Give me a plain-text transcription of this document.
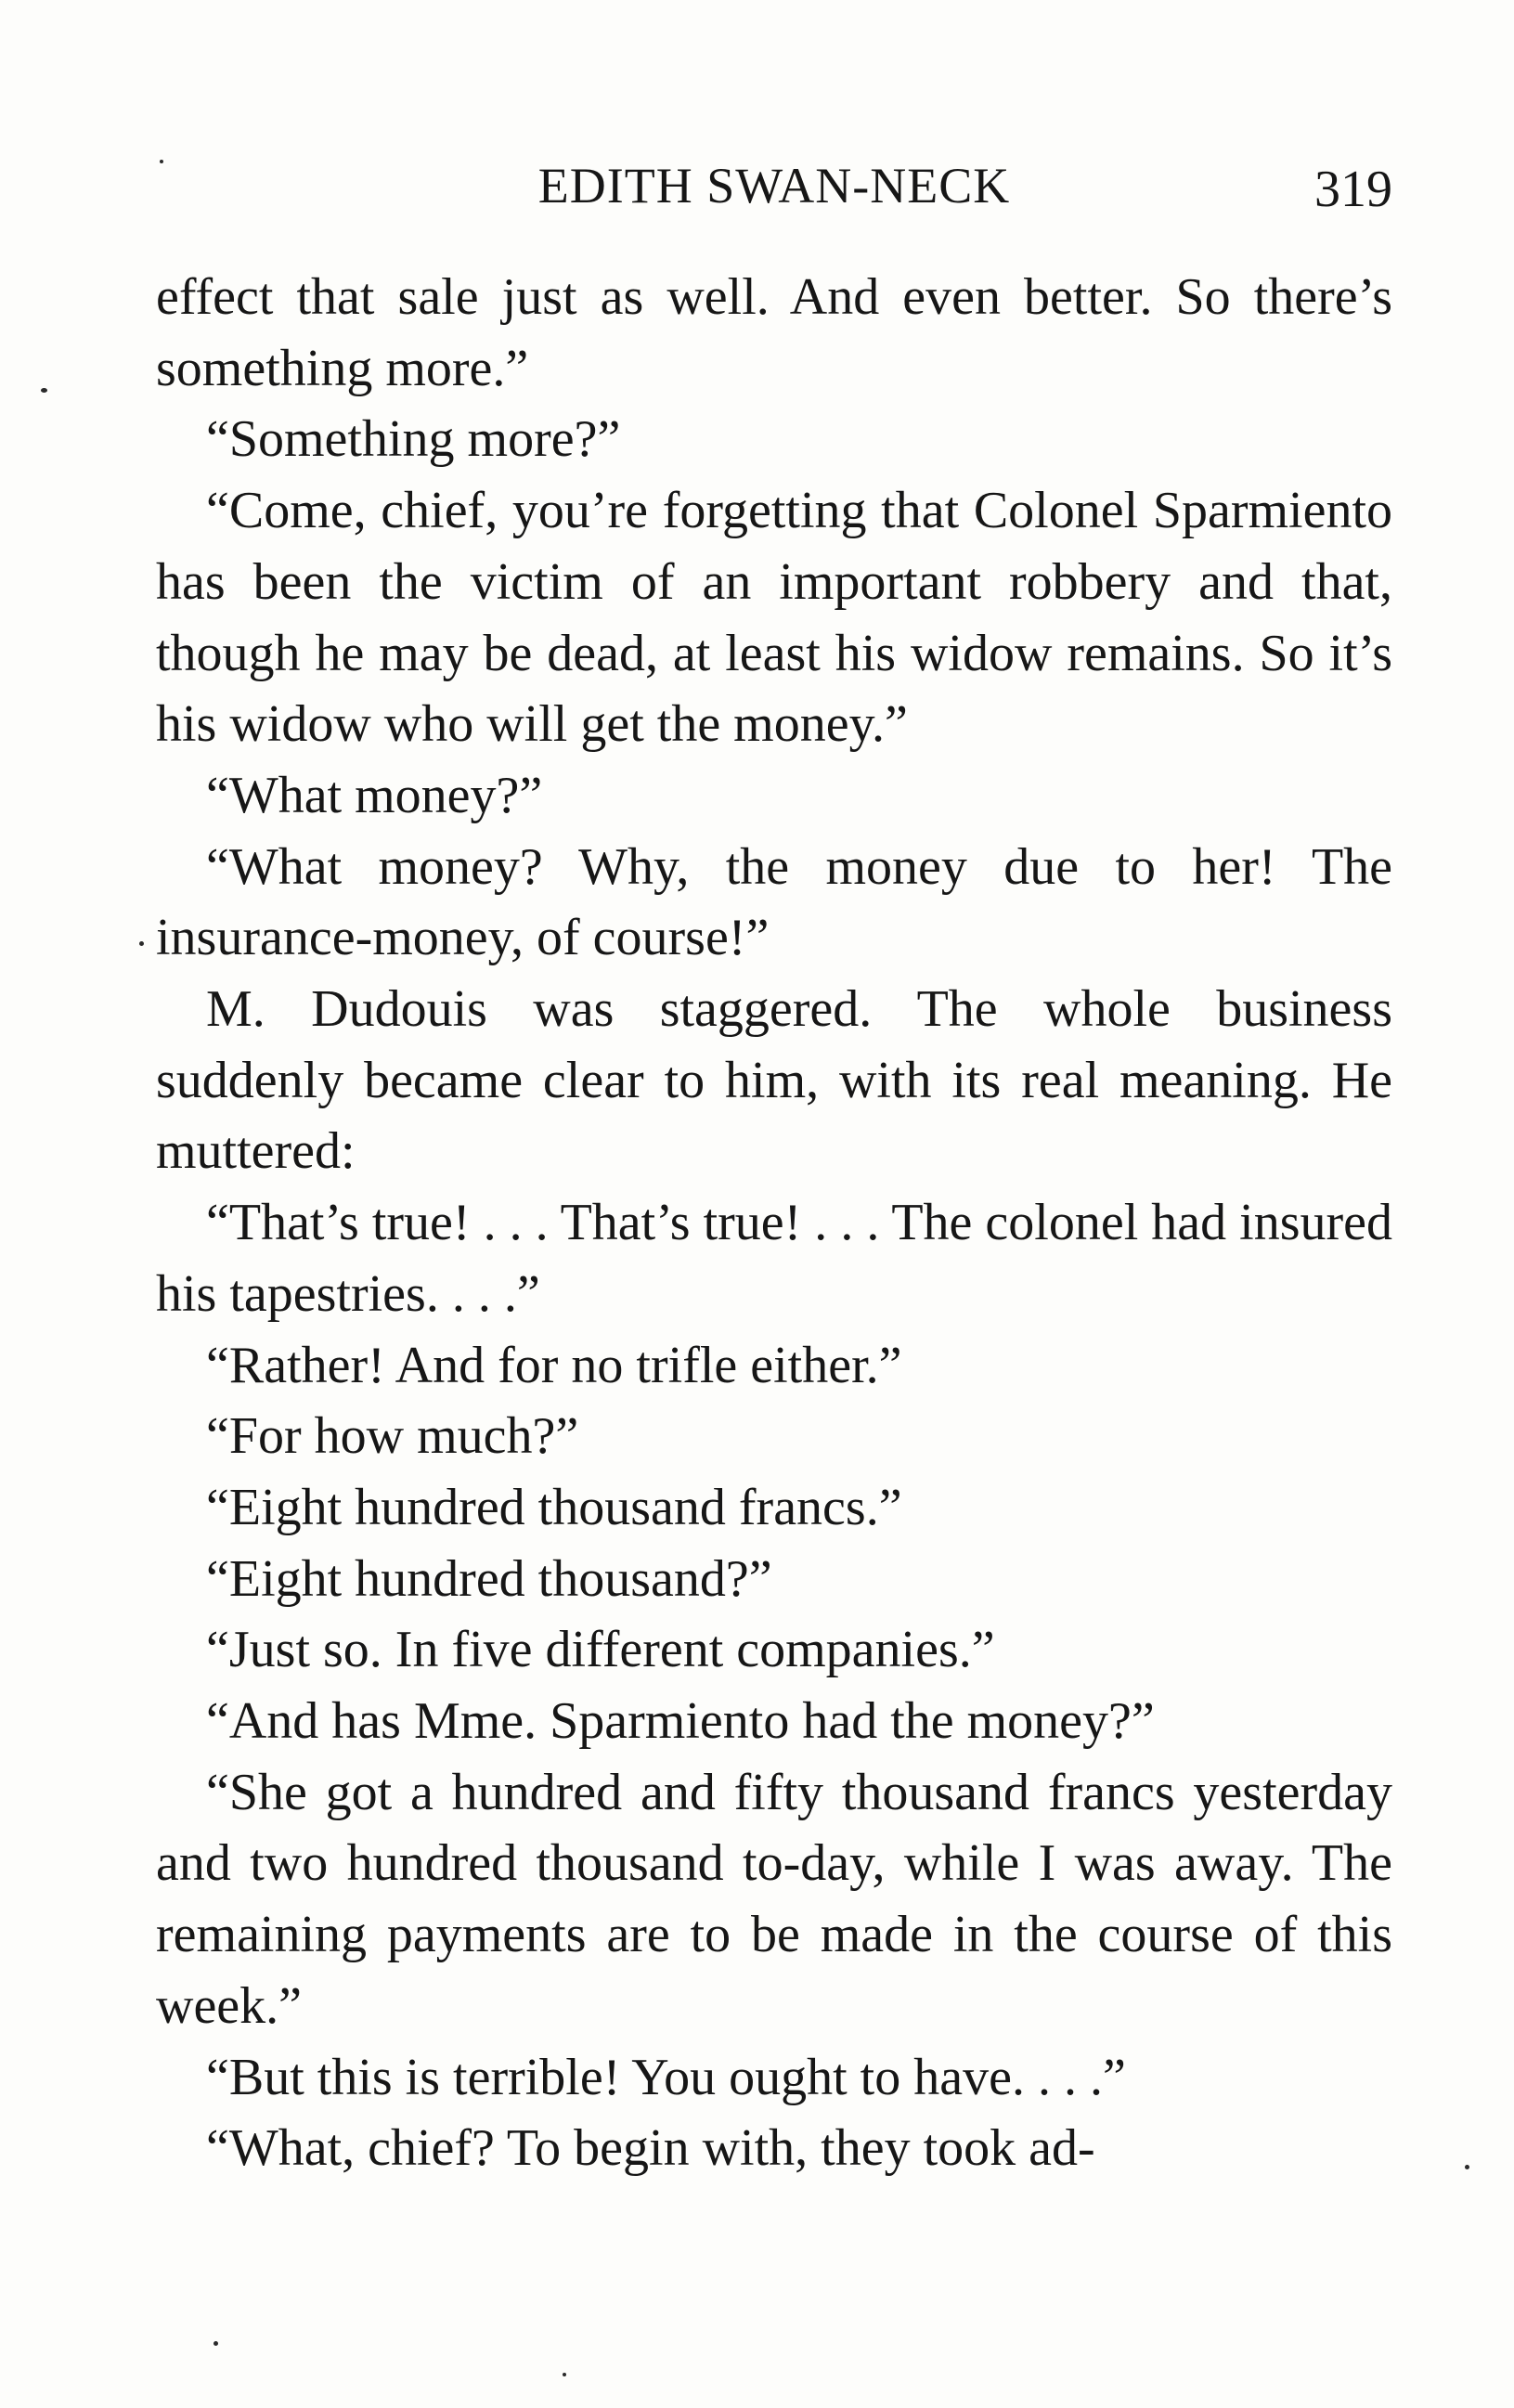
EDITH SWAN-NECK	319

effect that sale just as well. And even better. So there’s something more.”

“Something more?”

“Come, chief, you’re forgetting that Colonel Sparmiento has been the victim of an important robbery and that, though he may be dead, at least his widow remains. So it’s his widow who will get the money.”

“What money?”

“What money? Why, the money due to her! The insurance-money, of course!”

M. Dudouis was staggered. The whole business suddenly became clear to him, with its real meaning. He muttered:

“That’s true! . . . That’s true! . . . The colonel had insured his tapestries. . . .”

“Rather! And for no trifle either.”

“For how much?”

“Eight hundred thousand francs.”

“Eight hundred thousand?”

“Just so. In five different companies.”

“And has Mme. Sparmiento had the money?”

“She got a hundred and fifty thousand francs yesterday and two hundred thousand to-day, while I was away. The remaining payments are to be made in the course of this week.”

“But this is terrible! You ought to have. . . .”

“What, chief? To begin with, they took ad-
